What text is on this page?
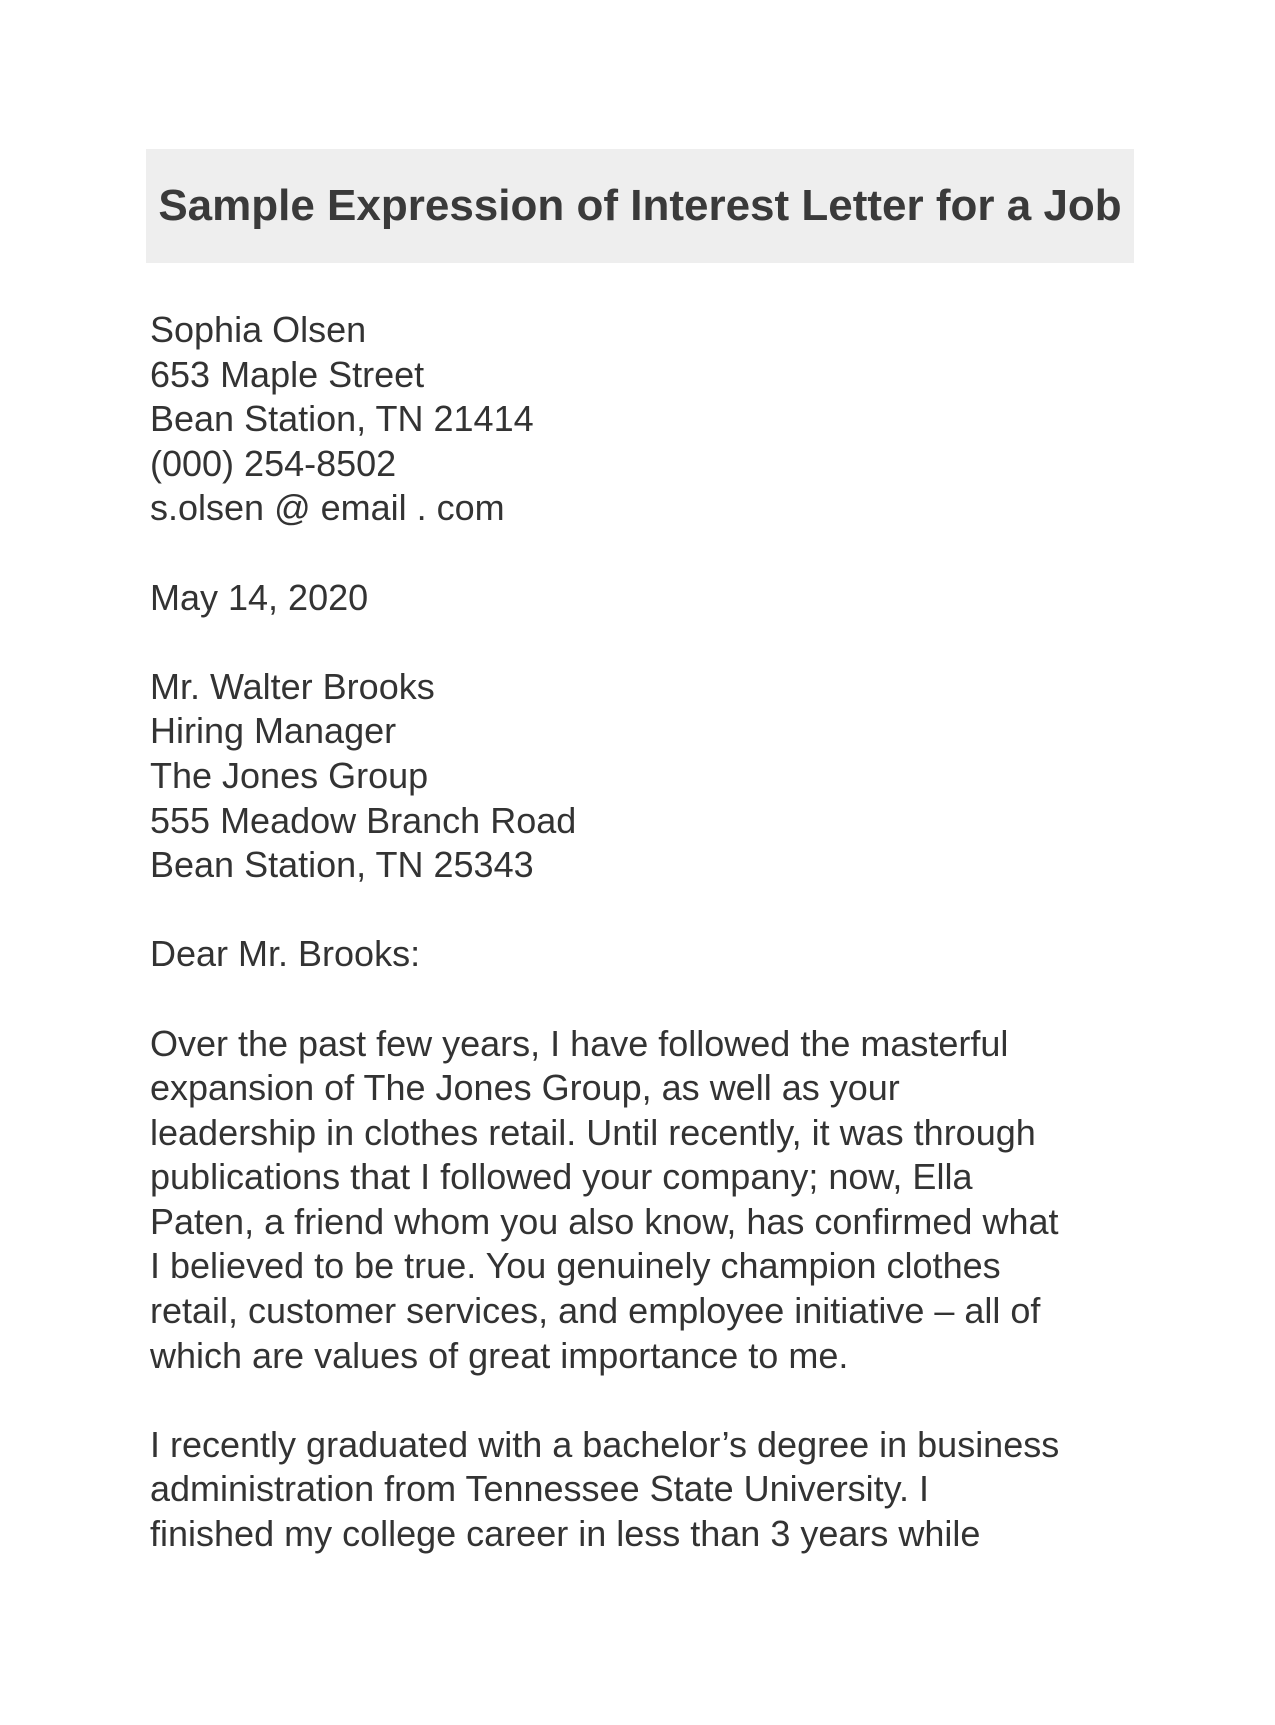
Sample Expression of Interest Letter for a Job
Sophia Olsen
653 Maple Street
Bean Station, TN 21414
(000) 254-8502
s.olsen @ email . com
May 14, 2020
Mr. Walter Brooks
Hiring Manager
The Jones Group
555 Meadow Branch Road
Bean Station, TN 25343
Dear Mr. Brooks:

Over the past few years, I have followed the masterful
expansion of The Jones Group, as well as your
leadership in clothes retail. Until recently, it was through
publications that I followed your company; now, Ella
Paten, a friend whom you also know, has confirmed what
I believed to be true. You genuinely champion clothes
retail, customer services, and employee initiative – all of
which are values of great importance to me.

I recently graduated with a bachelor’s degree in business
administration from Tennessee State University. I
finished my college career in less than 3 years while
